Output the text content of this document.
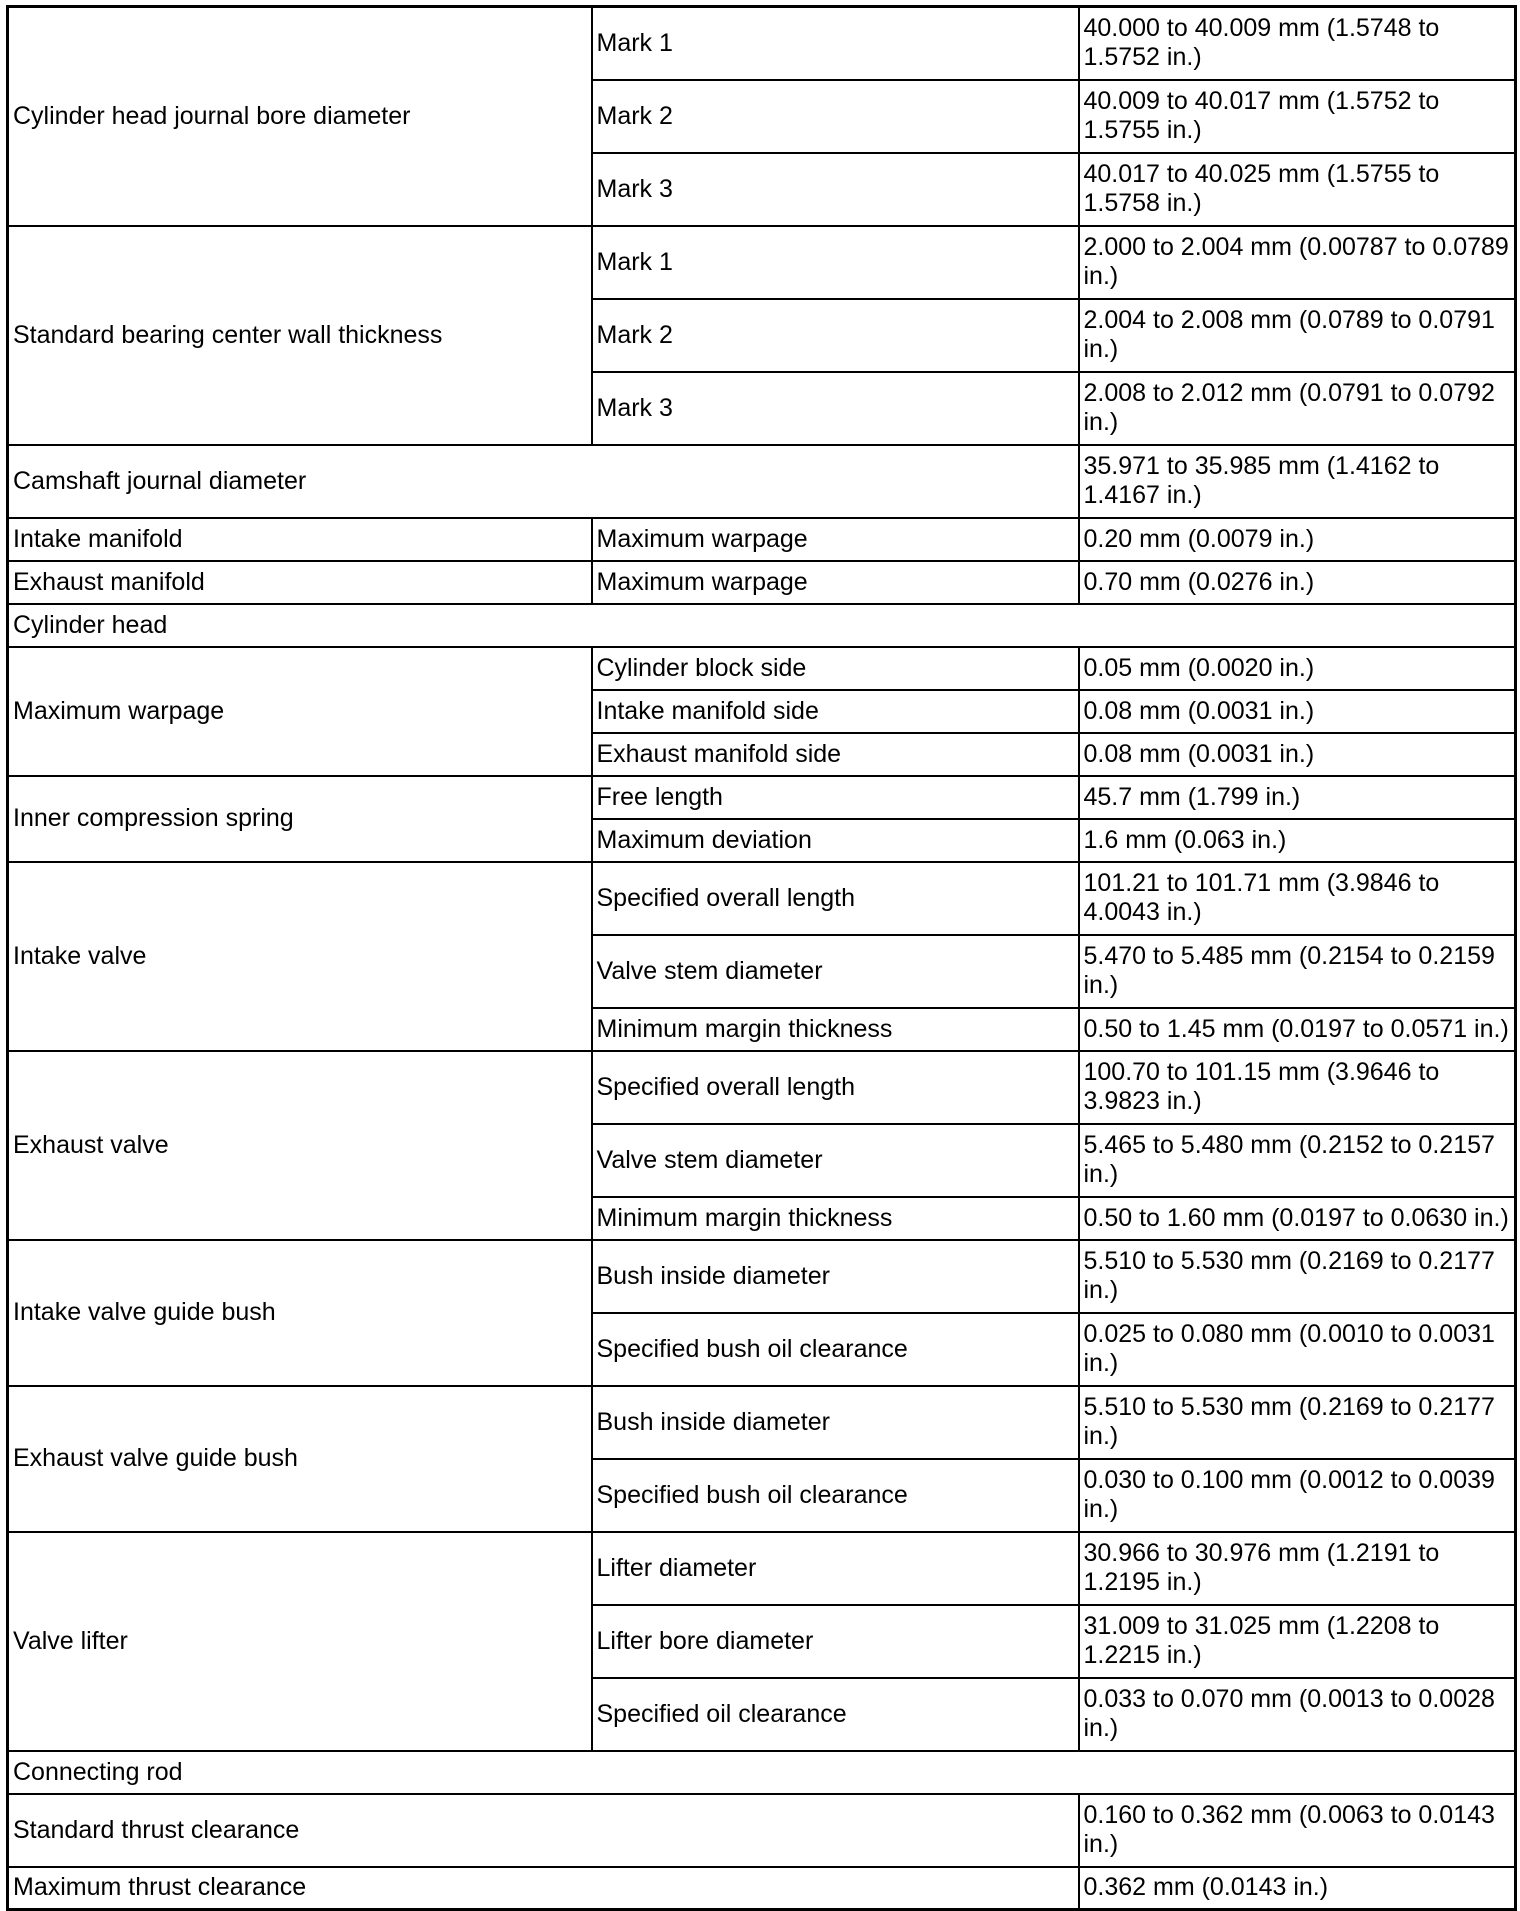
Cylinder head journal bore diameter	Mark 1	40.000 to 40.009 mm (1.5748 to 1.5752 in.)
	Mark 2	40.009 to 40.017 mm (1.5752 to 1.5755 in.)
	Mark 3	40.017 to 40.025 mm (1.5755 to 1.5758 in.)
Standard bearing center wall thickness	Mark 1	2.000 to 2.004 mm (0.00787 to 0.0789 in.)
	Mark 2	2.004 to 2.008 mm (0.0789 to 0.0791 in.)
	Mark 3	2.008 to 2.012 mm (0.0791 to 0.0792 in.)
Camshaft journal diameter		35.971 to 35.985 mm (1.4162 to 1.4167 in.)
Intake manifold	Maximum warpage	0.20 mm (0.0079 in.)
Exhaust manifold	Maximum warpage	0.70 mm (0.0276 in.)
Cylinder head		
Maximum warpage	Cylinder block side	0.05 mm (0.0020 in.)
	Intake manifold side	0.08 mm (0.0031 in.)
	Exhaust manifold side	0.08 mm (0.0031 in.)
Inner compression spring	Free length	45.7 mm (1.799 in.)
	Maximum deviation	1.6 mm (0.063 in.)
Intake valve	Specified overall length	101.21 to 101.71 mm (3.9846 to 4.0043 in.)
	Valve stem diameter	5.470 to 5.485 mm (0.2154 to 0.2159 in.)
	Minimum margin thickness	0.50 to 1.45 mm (0.0197 to 0.0571 in.)
Exhaust valve	Specified overall length	100.70 to 101.15 mm (3.9646 to 3.9823 in.)
	Valve stem diameter	5.465 to 5.480 mm (0.2152 to 0.2157 in.)
	Minimum margin thickness	0.50 to 1.60 mm (0.0197 to 0.0630 in.)
Intake valve guide bush	Bush inside diameter	5.510 to 5.530 mm (0.2169 to 0.2177 in.)
	Specified bush oil clearance	0.025 to 0.080 mm (0.0010 to 0.0031 in.)
Exhaust valve guide bush	Bush inside diameter	5.510 to 5.530 mm (0.2169 to 0.2177 in.)
	Specified bush oil clearance	0.030 to 0.100 mm (0.0012 to 0.0039 in.)
Valve lifter	Lifter diameter	30.966 to 30.976 mm (1.2191 to 1.2195 in.)
	Lifter bore diameter	31.009 to 31.025 mm (1.2208 to 1.2215 in.)
	Specified oil clearance	0.033 to 0.070 mm (0.0013 to 0.0028 in.)
Connecting rod		
Standard thrust clearance		0.160 to 0.362 mm (0.0063 to 0.0143 in.)
Maximum thrust clearance		0.362 mm (0.0143 in.)
